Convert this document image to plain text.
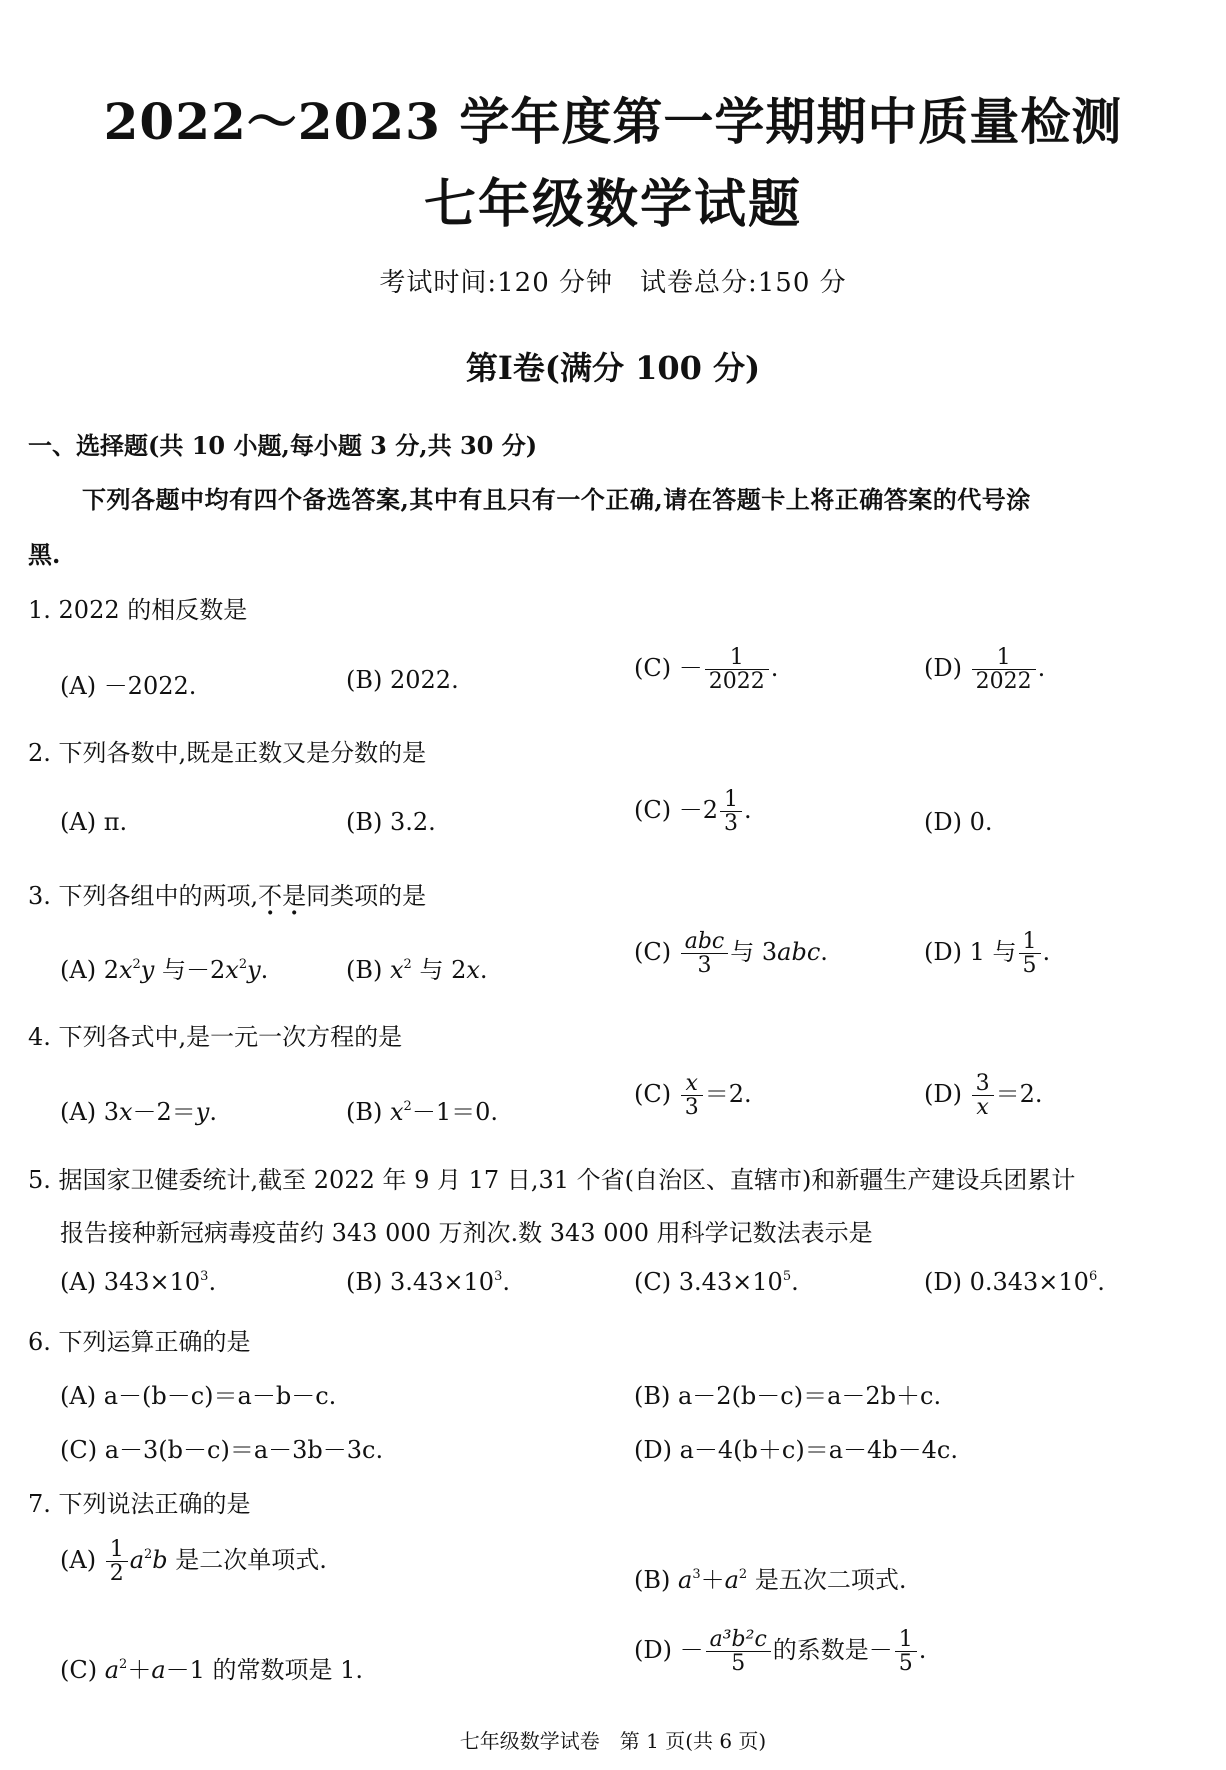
2022～2023 学年度第一学期期中质量检测
七年级数学试题
考试时间:120 分钟　试卷总分:150 分
第Ⅰ卷(满分 100 分)
一、选择题(共 10 小题,每小题 3 分,共 30 分)
下列各题中均有四个备选答案,其中有且只有一个正确,请在答题卡上将正确答案的代号涂
黑.
1. 2022 的相反数是
(A) －2022.	(B) 2022.	$(C) - \frac{1}{2022}$ .	$(D) \frac{1}{2022}$ .
2. 下列各数中,既是正数又是分数的是
(A) π.	(B) 3.2.	$(C) -2 \frac{1}{3}$ .	(D) 0.
3. 下列各组中的两项,不是同类项的是
(A) $2x^2y$ 与$-2x^2y$.	(B) $x^2$ 与 2x.
$(C) \frac{\text{abc}}{3}$ 与 3abc.	(D) 1 与 $\frac{1}{5}$ .
4. 下列各式中,是一元一次方程的是
(A) 3x－2＝y.	(B) $x^2-1=0$.
$(C) \frac{x}{3} =2$.	$(D) \frac{3}{x} =2$.
5. 据国家卫健委统计,截至 2022 年 9 月 17 日,31 个省(自治区、直辖市)和新疆生产建设兵团累计
报告接种新冠病毒疫苗约 343 000 万剂次.数 343 000 用科学记数法表示是
(A) $343\times 10^3$.	(B) $3.43\times 10^3$.	(C) $3.43\times 10^5$.	(D) $0.343\times 10^6$.
6. 下列运算正确的是
(A) a－(b－c)＝a－b－c.	(B) a－2(b－c)＝a－2b＋c.
(C) a－3(b－c)＝a－3b－3c.	(D) a－4(b＋c)＝a－4b－4c.
7. 下列说法正确的是
$(A) \frac{1}{2} a^2b$ 是二次单项式.
(B) $a^3+a^2$ 是五次二项式.
(C) $a^2+a-1$ 的常数项是 1.
$(D) - \frac{\text{a³b²c}}{5}$ 的系数是－ $\frac{1}{5}$ .
七年级数学试卷　第 1 页(共 6 页)
